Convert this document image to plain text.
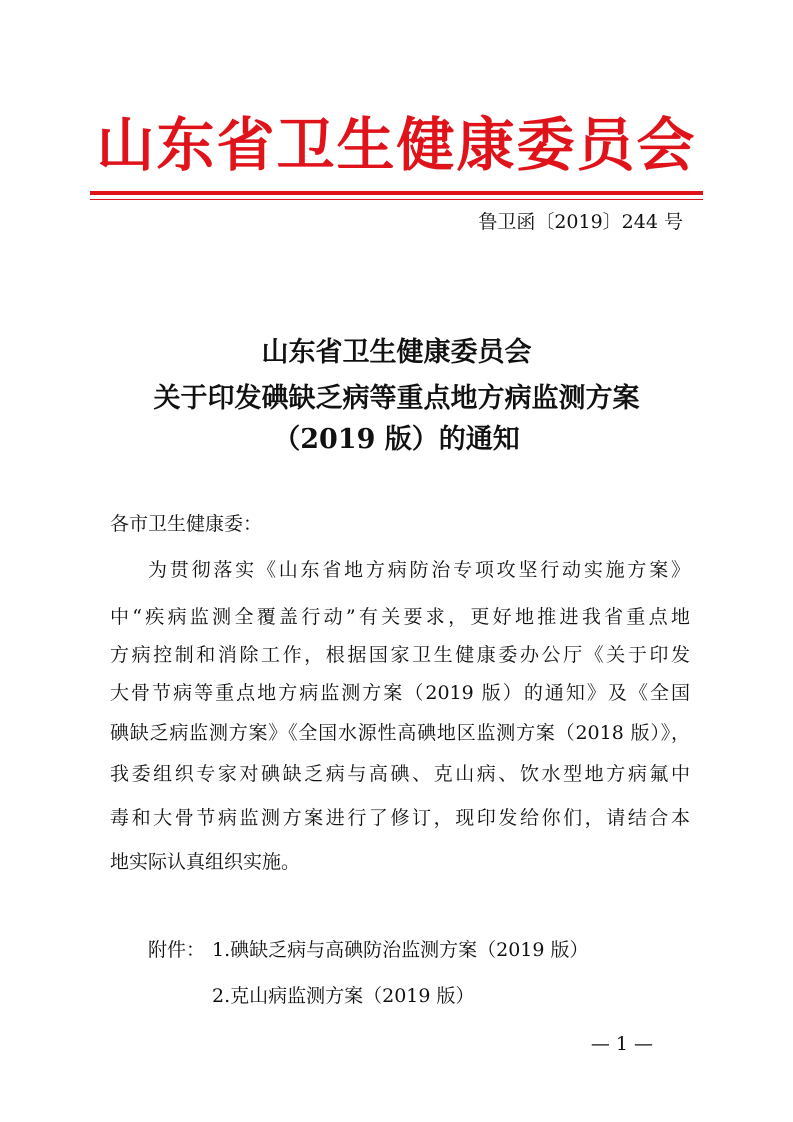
山东省卫生健康委员会
鲁卫函〔2019〕244 号
山东省卫生健康委员会
关于印发碘缺乏病等重点地方病监测方案
（2019 版）的通知
各市卫生健康委：
为贯彻落实《山东省地方病防治专项攻坚行动实施方案》
中“疾病监测全覆盖行动”有关要求，更好地推进我省重点地
方病控制和消除工作，根据国家卫生健康委办公厅《关于印发
大骨节病等重点地方病监测方案（2019 版）的通知》及《全国
碘缺乏病监测方案》《全国水源性高碘地区监测方案（2018 版）》，
我委组织专家对碘缺乏病与高碘、克山病、饮水型地方病氟中
毒和大骨节病监测方案进行了修订，现印发给你们，请结合本
地实际认真组织实施。
附件： 1.碘缺乏病与高碘防治监测方案（2019 版）
2.克山病监测方案（2019 版）
— 1 —
